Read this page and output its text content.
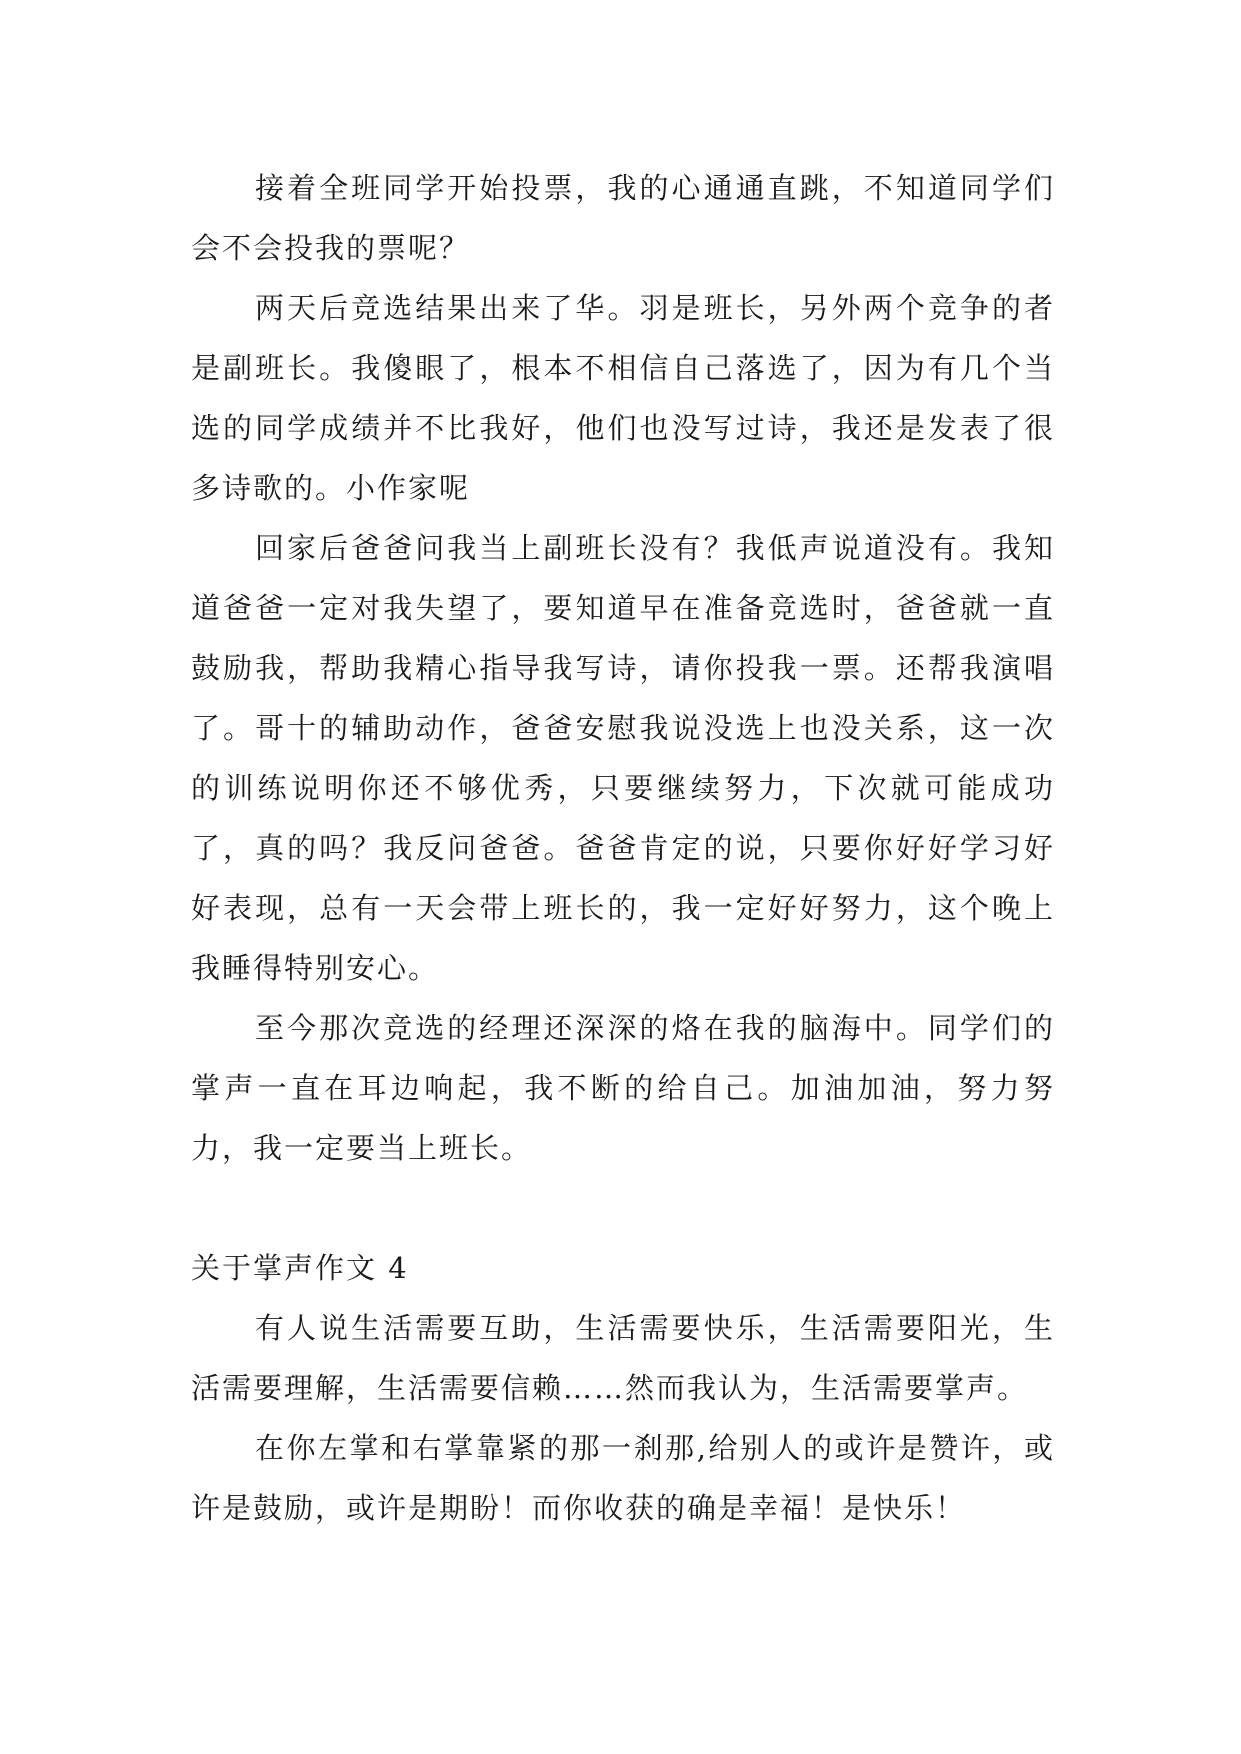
接着全班同学开始投票，我的心通通直跳，不知道同学们会不会投我的票呢？

两天后竞选结果出来了华。羽是班长，另外两个竞争的者是副班长。我傻眼了，根本不相信自己落选了，因为有几个当选的同学成绩并不比我好，他们也没写过诗，我还是发表了很多诗歌的。小作家呢

回家后爸爸问我当上副班长没有？我低声说道没有。我知道爸爸一定对我失望了，要知道早在准备竞选时，爸爸就一直鼓励我，帮助我精心指导我写诗，请你投我一票。还帮我演唱了。哥十的辅助动作，爸爸安慰我说没选上也没关系，这一次的训练说明你还不够优秀，只要继续努力，下次就可能成功了，真的吗？我反问爸爸。爸爸肯定的说，只要你好好学习好好表现，总有一天会带上班长的，我一定好好努力，这个晚上我睡得特别安心。

至今那次竞选的经理还深深的烙在我的脑海中。同学们的掌声一直在耳边响起，我不断的给自己。加油加油，努力努力，我一定要当上班长。

关于掌声作文 4

有人说生活需要互助，生活需要快乐，生活需要阳光，生活需要理解，生活需要信赖……然而我认为，生活需要掌声。

在你左掌和右掌靠紧的那一刹那,给别人的或许是赞许，或许是鼓励，或许是期盼！而你收获的确是幸福！是快乐！
